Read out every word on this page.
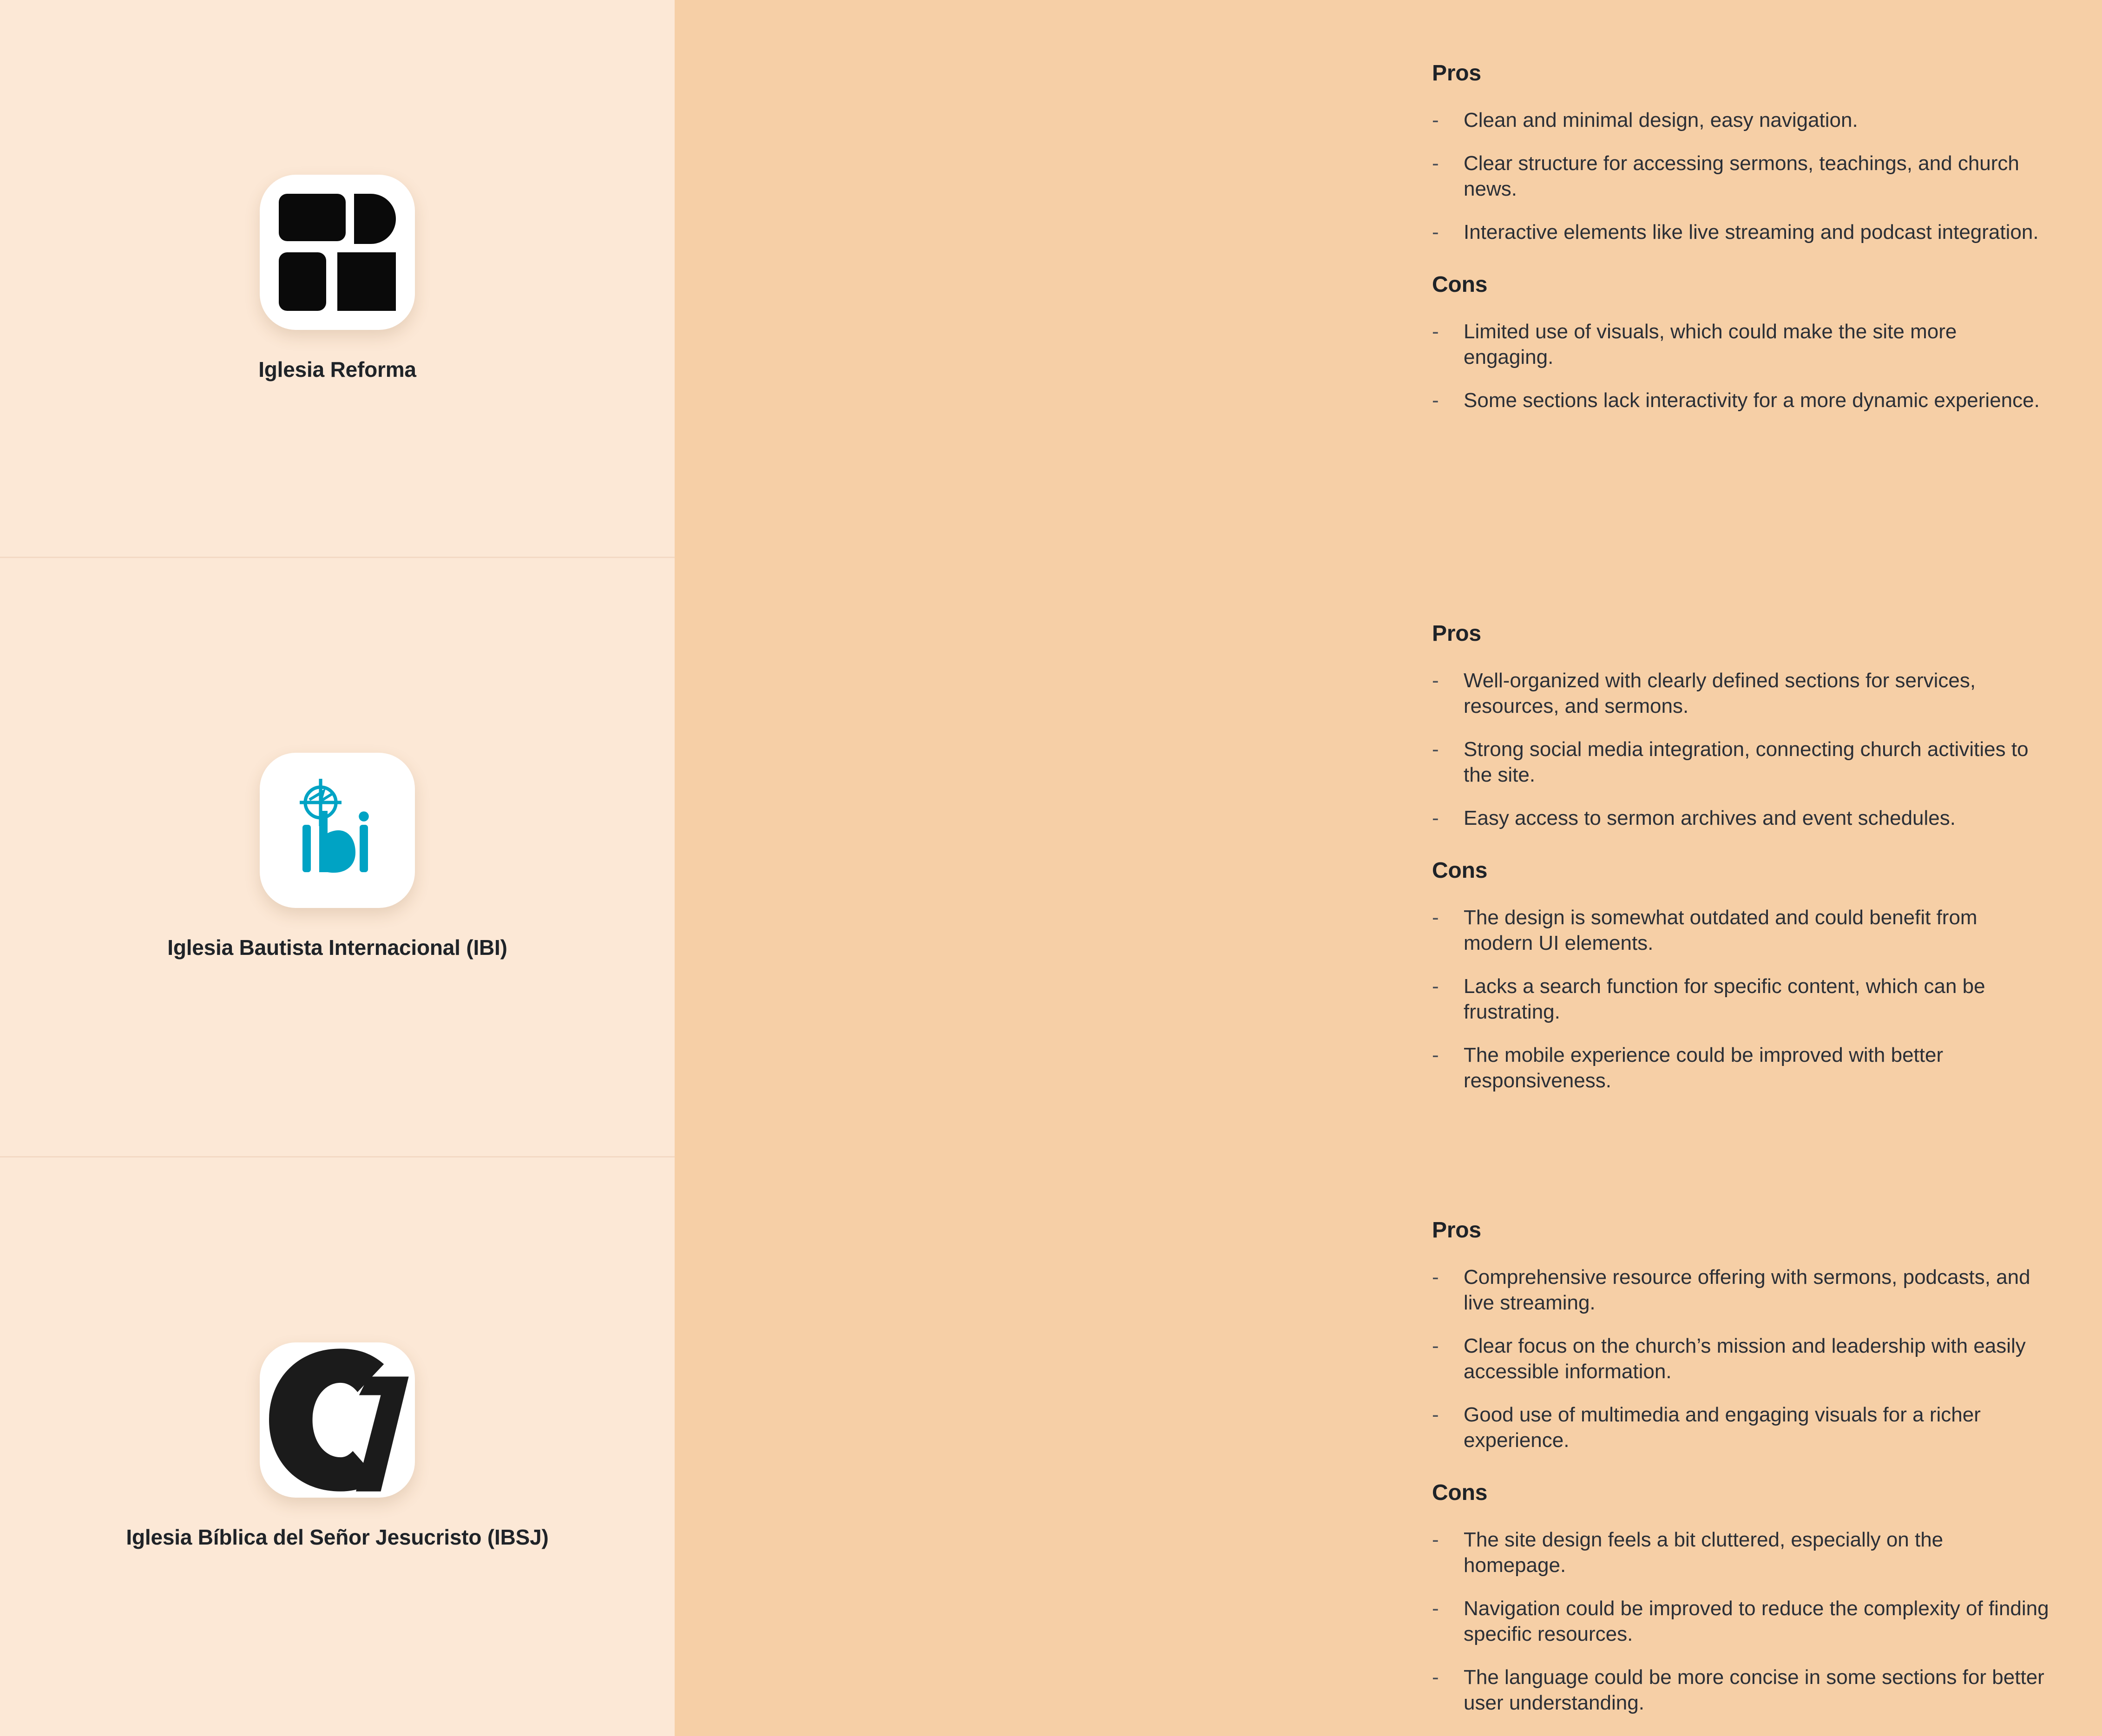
Iglesia Reforma
Pros
-	Clean and minimal design, easy navigation.
-	Clear structure for accessing sermons, teachings, and church news.
-	Interactive elements like live streaming and podcast integration.
Cons
-	Limited use of visuals, which could make the site more engaging.
-	Some sections lack interactivity for a more dynamic experience.
Iglesia Bautista Internacional (IBI)
Pros
-	Well-organized with clearly defined sections for services, resources, and sermons.
-	Strong social media integration, connecting church activities to the site.
-	Easy access to sermon archives and event schedules.
Cons
-	The design is somewhat outdated and could benefit from modern UI elements.
-	Lacks a search function for specific content, which can be frustrating.
-	The mobile experience could be improved with better responsiveness.
Iglesia Bíblica del Señor Jesucristo (IBSJ)
Pros
-	Comprehensive resource offering with sermons, podcasts, and live streaming.
-	Clear focus on the church’s mission and leadership with easily accessible information.
-	Good use of multimedia and engaging visuals for a richer experience.
Cons
-	The site design feels a bit cluttered, especially on the homepage.
-	Navigation could be improved to reduce the complexity of finding specific resources.
-	The language could be more concise in some sections for better user understanding.
